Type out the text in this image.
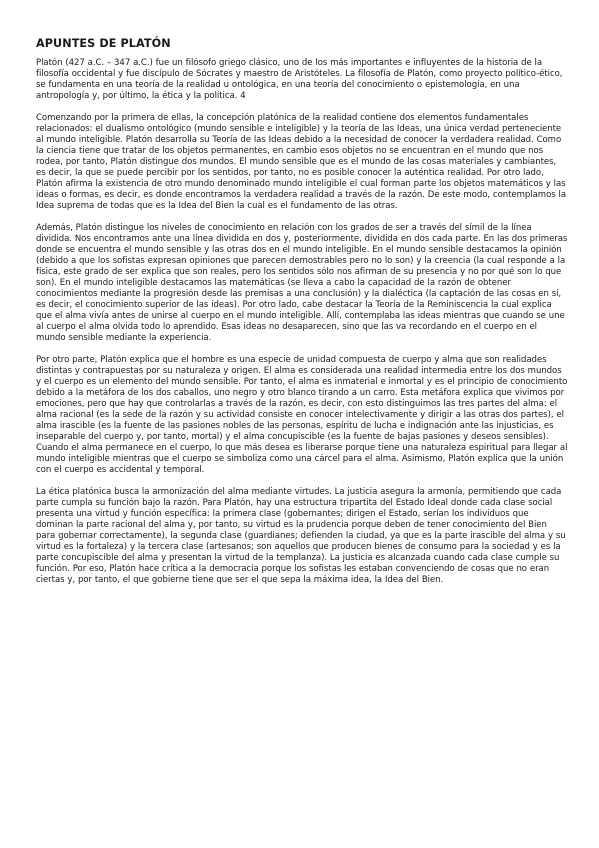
APUNTES DE PLATÓN

Platón (427 a.C. – 347 a.C.) fue un filósofo griego clásico, uno de los más importantes e influyentes de la historia de la filosofía occidental y fue discípulo de Sócrates y maestro de Aristóteles. La filosofía de Platón, como proyecto político-ético, se fundamenta en una teoría de la realidad u ontológica, en una teoría del conocimiento o epistemología, en una antropología y, por último, la ética y la política. 4

Comenzando por la primera de ellas, la concepción platónica de la realidad contiene dos elementos fundamentales relacionados: el dualismo ontológico (mundo sensible e inteligible) y la teoría de las Ideas, una única verdad perteneciente al mundo inteligible. Platón desarrolla su Teoría de las Ideas debido a la necesidad de conocer la verdadera realidad. Como la ciencia tiene que tratar de los objetos permanentes, en cambio esos objetos no se encuentran en el mundo que nos rodea, por tanto, Platón distingue dos mundos. El mundo sensible que es el mundo de las cosas materiales y cambiantes, es decir, la que se puede percibir por los sentidos, por tanto, no es posible conocer la auténtica realidad. Por otro lado, Platón afirma la existencia de otro mundo denominado mundo inteligible el cual forman parte los objetos matemáticos y las ideas o formas, es decir, es donde encontramos la verdadera realidad a través de la razón. De este modo, contemplamos la Idea suprema de todas que es la Idea del Bien la cual es el fundamento de las otras.

Además, Platón distingue los niveles de conocimiento en relación con los grados de ser a través del símil de la línea dividida. Nos encontramos ante una línea dividida en dos y, posteriormente, dividida en dos cada parte. En las dos primeras donde se encuentra el mundo sensible y las otras dos en el mundo inteligible. En el mundo sensible destacamos la opinión (debido a que los sofistas expresan opiniones que parecen demostrables pero no lo son) y la creencia (la cual responde a la física, este grado de ser explica que son reales, pero los sentidos sólo nos afirman de su presencia y no por qué son lo que son). En el mundo inteligible destacamos las matemáticas (se lleva a cabo la capacidad de la razón de obtener conocimientos mediante la progresión desde las premisas a una conclusión) y la dialéctica (la captación de las cosas en sí, es decir, el conocimiento superior de las ideas). Por otro lado, cabe destacar la Teoría de la Reminiscencia la cual explica que el alma vivía antes de unirse al cuerpo en el mundo inteligible. Allí, contemplaba las ideas mientras que cuando se une al cuerpo el alma olvida todo lo aprendido. Esas ideas no desaparecen, sino que las va recordando en el cuerpo en el mundo sensible mediante la experiencia.

Por otro parte, Platón explica que el hombre es una especie de unidad compuesta de cuerpo y alma que son realidades distintas y contrapuestas por su naturaleza y origen. El alma es considerada una realidad intermedia entre los dos mundos y el cuerpo es un elemento del mundo sensible. Por tanto, el alma es inmaterial e inmortal y es el principio de conocimiento debido a la metáfora de los dos caballos, uno negro y otro blanco tirando a un carro. Esta metáfora explica que vivimos por emociones, pero que hay que controlarlas a través de la razón, es decir, con esto distinguimos las tres partes del alma: el alma racional (es la sede de la razón y su actividad consiste en conocer intelectivamente y dirigir a las otras dos partes), el alma irascible (es la fuente de las pasiones nobles de las personas, espíritu de lucha e indignación ante las injusticias, es inseparable del cuerpo y, por tanto, mortal) y el alma concupiscible (es la fuente de bajas pasiones y deseos sensibles). Cuando el alma permanece en el cuerpo, lo que más desea es liberarse porque tiene una naturaleza espiritual para llegar al mundo inteligible mientras que el cuerpo se simboliza como una cárcel para el alma. Asimismo, Platón explica que la unión con el cuerpo es accidental y temporal.

La ética platónica busca la armonización del alma mediante virtudes. La justicia asegura la armonía, permitiendo que cada parte cumpla su función bajo la razón. Para Platón, hay una estructura tripartita del Estado Ideal donde cada clase social presenta una virtud y función específica: la primera clase (gobernantes; dirigen el Estado, serían los individuos que dominan la parte racional del alma y, por tanto, su virtud es la prudencia porque deben de tener conocimiento del Bien para gobernar correctamente), la segunda clase (guardianes; defienden la ciudad, ya que es la parte irascible del alma y su virtud es la fortaleza) y la tercera clase (artesanos; son aquellos que producen bienes de consumo para la sociedad y es la parte concupiscible del alma y presentan la virtud de la templanza). La justicia es alcanzada cuando cada clase cumple su función. Por eso, Platón hace crítica a la democracia porque los sofistas les estaban convenciendo de cosas que no eran ciertas y, por tanto, el que gobierne tiene que ser el que sepa la máxima idea, la Idea del Bien.
